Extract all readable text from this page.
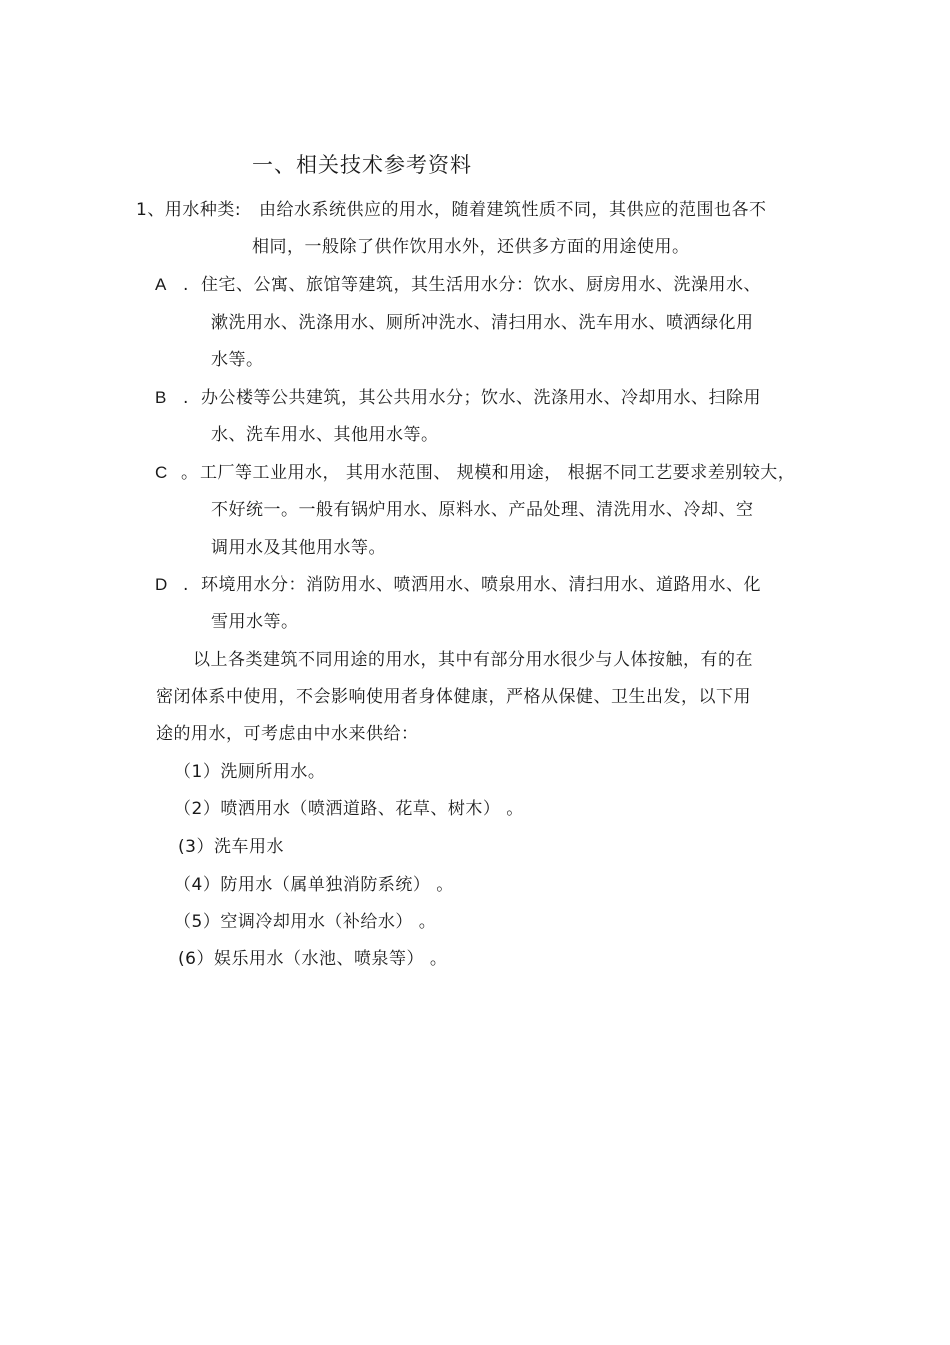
一、相关技术参考资料
1、用水种类: 由给水系统供应的用水，随着建筑性质不同，其供应的范围也各不
相同，一般除了供作饮用水外，还供多方面的用途使用。
A . 住宅、公寓、旅馆等建筑，其生活用水分：饮水、厨房用水、洗澡用水、
漱洗用水、洗涤用水、厕所冲洗水、清扫用水、洗车用水、喷洒绿化用
水等。
B . 办公楼等公共建筑，其公共用水分；饮水、洗涤用水、冷却用水、扫除用
水、洗车用水、其他用水等。
C 。 工厂等工业用水， 其用水范围、 规模和用途， 根据不同工艺要求差别较大，
不好统一。一般有锅炉用水、原料水、产品处理、清洗用水、冷却、空
调用水及其他用水等。
D . 环境用水分：消防用水、喷洒用水、喷泉用水、清扫用水、道路用水、化
雪用水等。
以上各类建筑不同用途的用水，其中有部分用水很少与人体按触，有的在
密闭体系中使用，不会影响使用者身体健康，严格从保健、卫生出发，以下用
途的用水，可考虑由中水来供给：
（1）洗厕所用水。
（2）喷洒用水（喷洒道路、花草、树木） 。
(3）洗车用水
（4）防用水（属单独消防系统） 。
（5）空调冷却用水（补给水） 。
(6）娱乐用水（水池、喷泉等） 。
